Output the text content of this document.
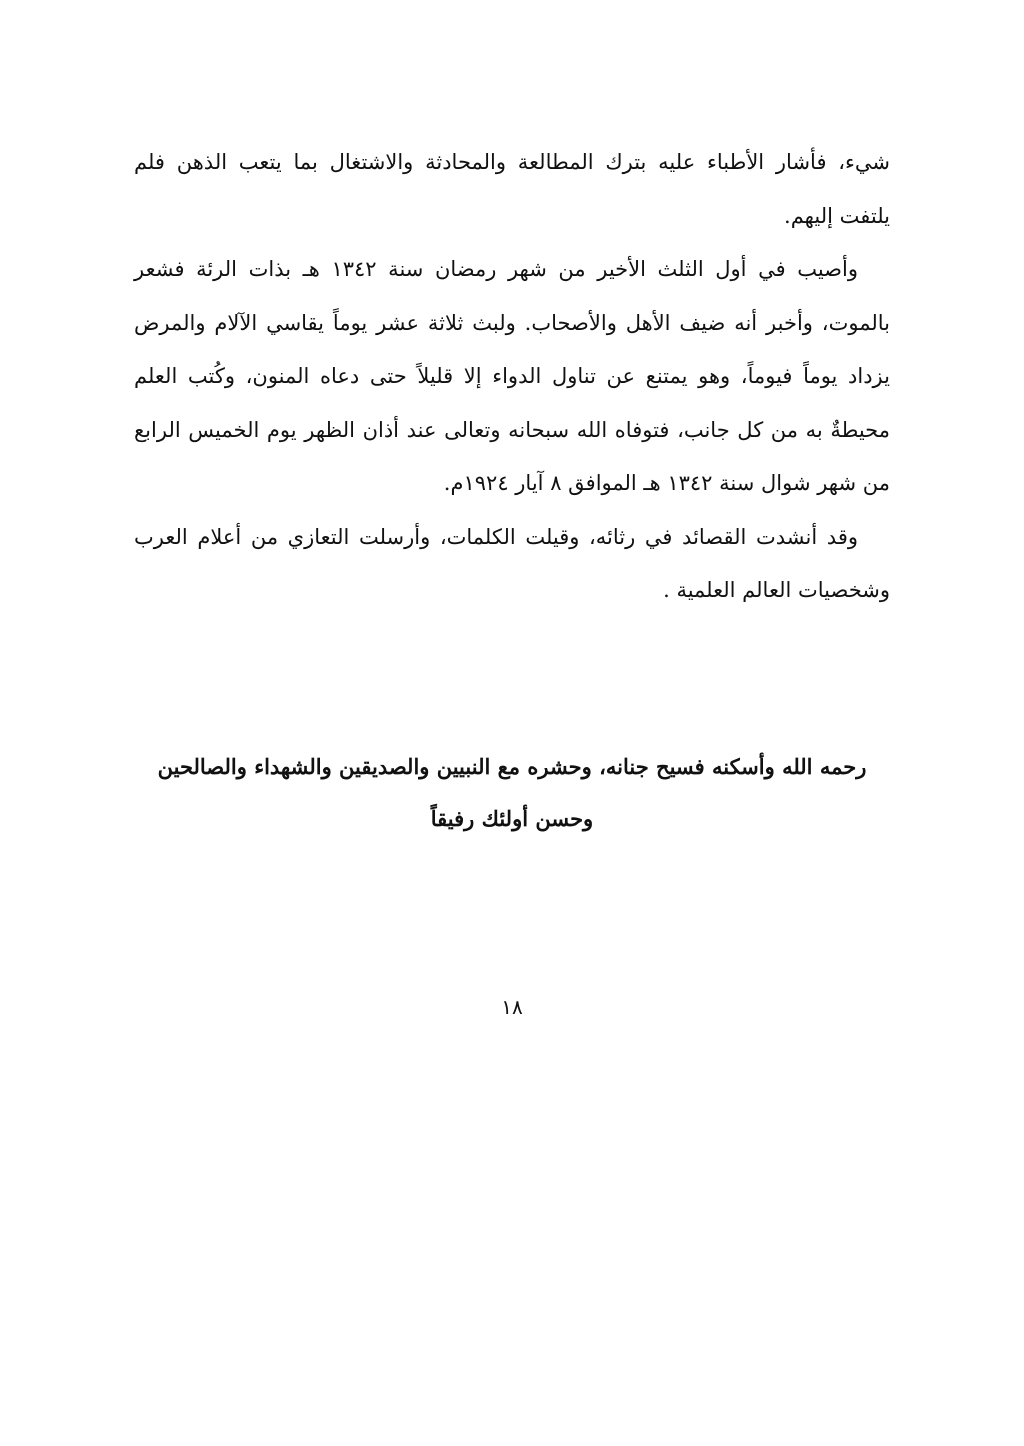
شيء، فأشار الأطباء عليه بترك المطالعة والمحادثة والاشتغال بما يتعب الذهن فلم يلتفت إليهم.

وأصيب في أول الثلث الأخير من شهر رمضان سنة ١٣٤٢ هـ بذات الرئة فشعر بالموت، وأخبر أنه ضيف الأهل والأصحاب. ولبث ثلاثة عشر يوماً يقاسي الآلام والمرض يزداد يوماً فيوماً، وهو يمتنع عن تناول الدواء إلا قليلاً حتى دعاه المنون، وكُتب العلم محيطةٌ به من كل جانب، فتوفاه الله سبحانه وتعالى عند أذان الظهر يوم الخميس الرابع من شهر شوال سنة ١٣٤٢ هـ الموافق ٨ آيار ١٩٢٤م.

وقد أنشدت القصائد في رثائه، وقيلت الكلمات، وأرسلت التعازي من أعلام العرب وشخصيات العالم العلمية .

رحمه الله وأسكنه فسيح جنانه، وحشره مع النبيين والصديقين والشهداء والصالحين

وحسن أولئك رفيقاً

١٨
